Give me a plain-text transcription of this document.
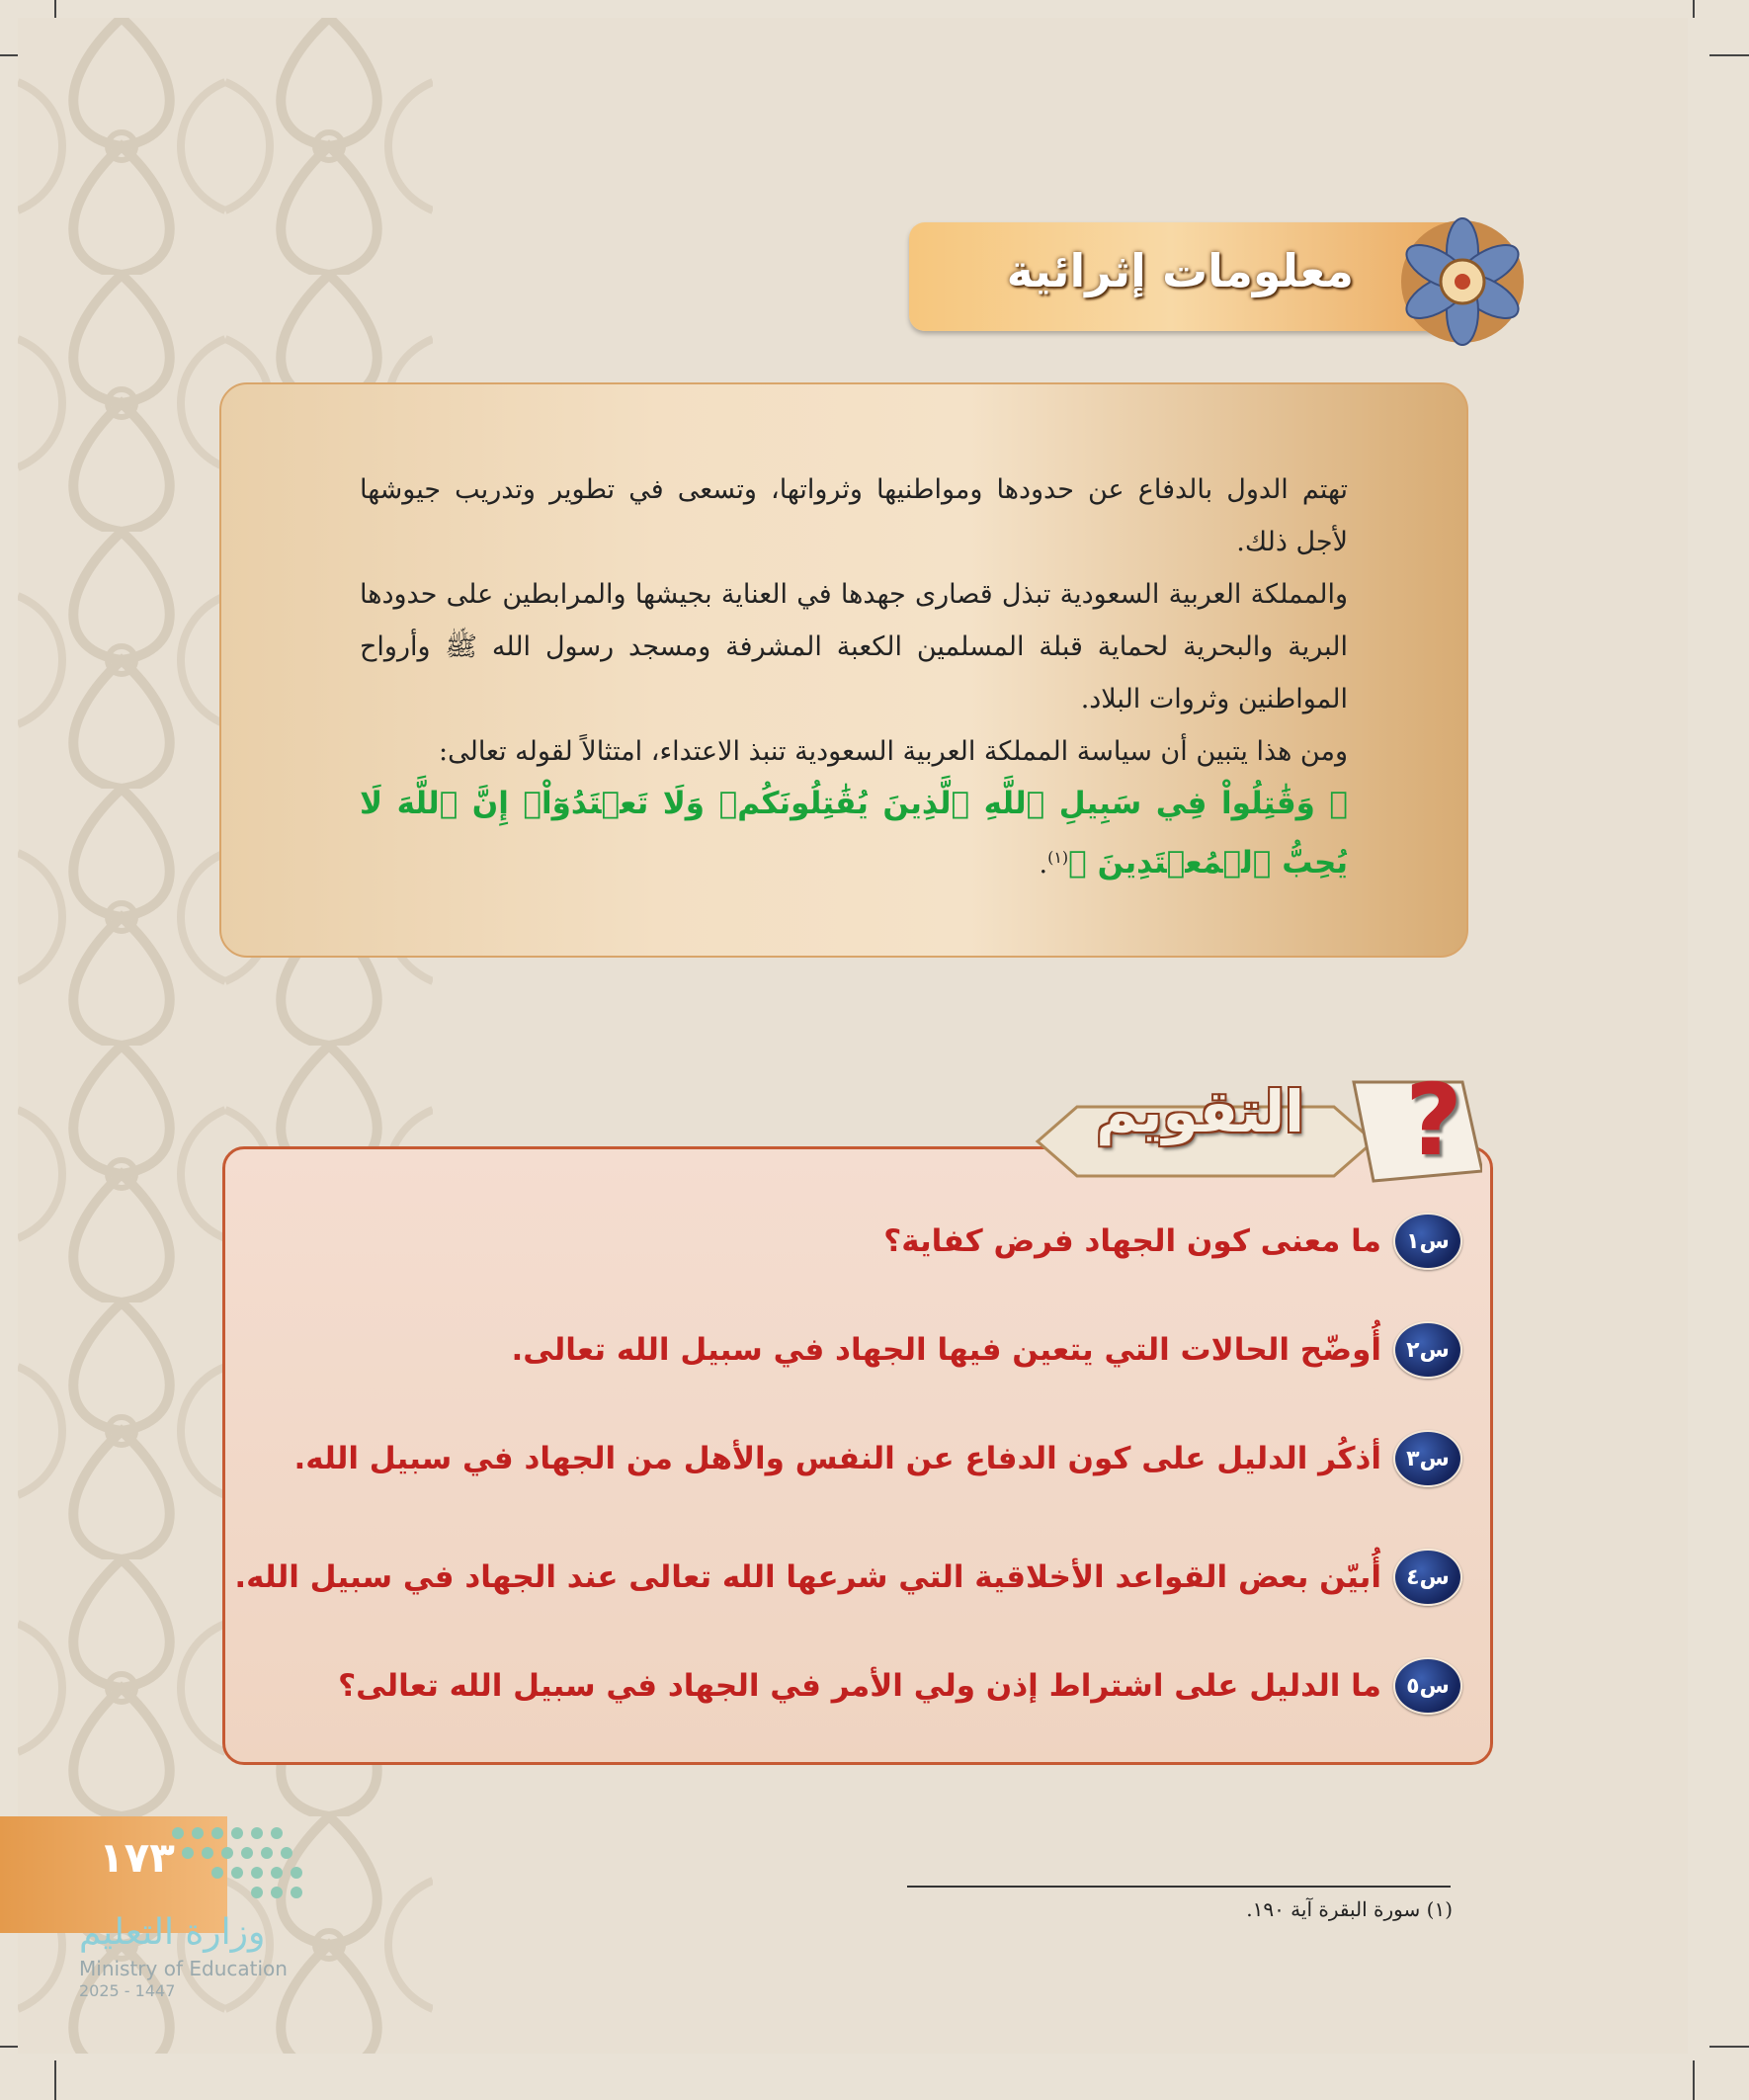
معلومات إثرائية

تهتم الدول بالدفاع عن حدودها ومواطنيها وثرواتها، وتسعى في تطوير وتدريب جيوشها لأجل ذلك.

والمملكة العربية السعودية تبذل قصارى جهدها في العناية بجيشها والمرابطين على حدودها البرية والبحرية لحماية قبلة المسلمين الكعبة المشرفة ومسجد رسول الله ﷺ وأرواح المواطنين وثروات البلاد.

ومن هذا يتبين أن سياسة المملكة العربية السعودية تنبذ الاعتداء، امتثالاً لقوله تعالى:

﴿ وَقَٰتِلُواْ فِي سَبِيلِ ٱللَّهِ ٱلَّذِينَ يُقَٰتِلُونَكُمۡ وَلَا تَعۡتَدُوٓاْۚ إِنَّ ٱللَّهَ لَا يُحِبُّ ٱلۡمُعۡتَدِينَ ﴾$^{(١)}$.

س١
ما معنى كون الجهاد فرض كفاية؟
س٢
أُوضّح الحالات التي يتعين فيها الجهاد في سبيل الله تعالى.
س٣
أذكُر الدليل على كون الدفاع عن النفس والأهل من الجهاد في سبيل الله.
س٤
أُبيّن بعض القواعد الأخلاقية التي شرعها الله تعالى عند الجهاد في سبيل الله.
س٥
ما الدليل على اشتراط إذن ولي الأمر في الجهاد في سبيل الله تعالى؟
التقويم ?
١٧٣
وزارة التعليم
Ministry of Education
2025 - 1447
(١) سورة البقرة آية ١٩٠.
